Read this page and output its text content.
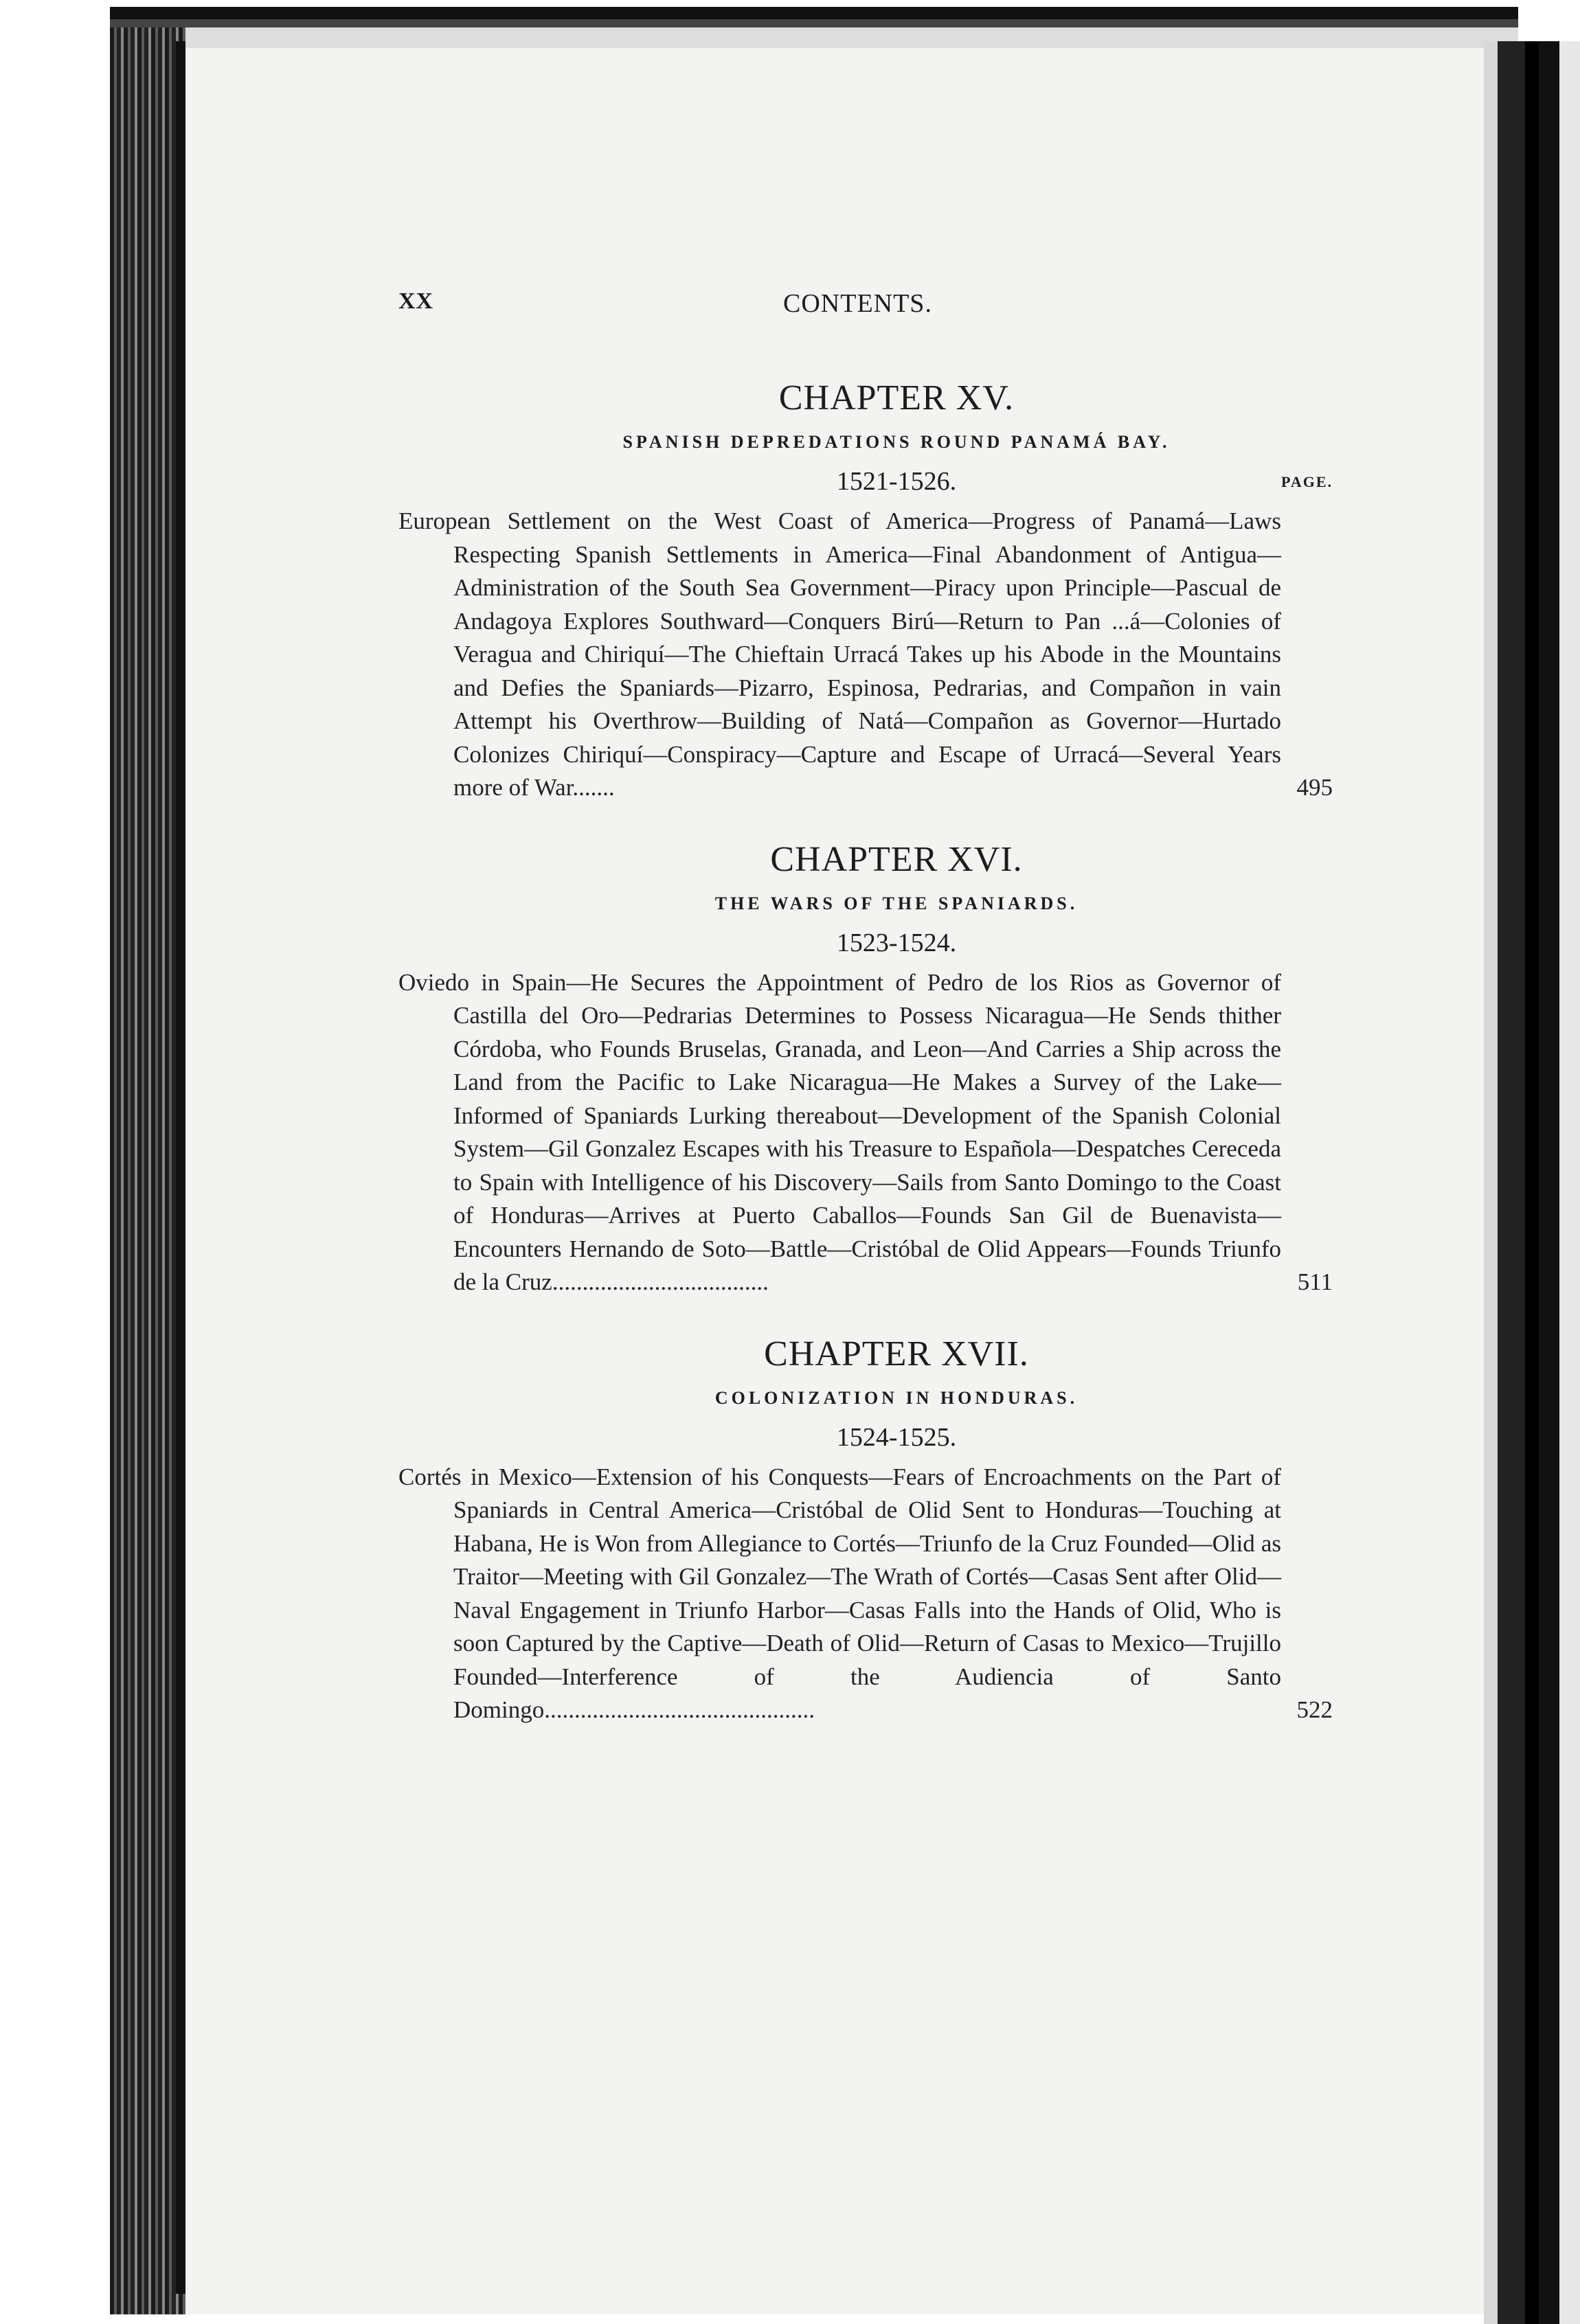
XX	CONTENTS.
CHAPTER XV.
SPANISH DEPREDATIONS ROUND PANAMÁ BAY.
1521-1526.	PAGE.
European Settlement on the West Coast of America—Progress of Panamá—Laws Respecting Spanish Settlements in America—Final Abandonment of Antigua—Administration of the South Sea Government—Piracy upon Principle—Pascual de Andagoya Explores Southward—Conquers Birú—Return to Pan ...á—Colonies of Veragua and Chiriquí—The Chieftain Urracá Takes up his Abode in the Mountains and Defies the Spaniards—Pizarro, Espinosa, Pedrarias, and Compañon in vain Attempt his Overthrow—Building of Natá—Compañon as Governor—Hurtado Colonizes Chiriquí—Conspiracy—Capture and Escape of Urracá—Several Years more of War.......	495
CHAPTER XVI.
THE WARS OF THE SPANIARDS.
1523-1524.
Oviedo in Spain—He Secures the Appointment of Pedro de los Rios as Governor of Castilla del Oro—Pedrarias Determines to Possess Nicaragua—He Sends thither Córdoba, who Founds Bruselas, Granada, and Leon—And Carries a Ship across the Land from the Pacific to Lake Nicaragua—He Makes a Survey of the Lake—Informed of Spaniards Lurking thereabout—Development of the Spanish Colonial System—Gil Gonzalez Escapes with his Treasure to Española—Despatches Cereceda to Spain with Intelligence of his Discovery—Sails from Santo Domingo to the Coast of Honduras—Arrives at Puerto Caballos—Founds San Gil de Buenavista—Encounters Hernando de Soto—Battle—Cristóbal de Olid Appears—Founds Triunfo de la Cruz....................................	511
CHAPTER XVII.
COLONIZATION IN HONDURAS.
1524-1525.
Cortés in Mexico—Extension of his Conquests—Fears of Encroachments on the Part of Spaniards in Central America—Cristóbal de Olid Sent to Honduras—Touching at Habana, He is Won from Allegiance to Cortés—Triunfo de la Cruz Founded—Olid as Traitor—Meeting with Gil Gonzalez—The Wrath of Cortés—Casas Sent after Olid—Naval Engagement in Triunfo Harbor—Casas Falls into the Hands of Olid, Who is soon Captured by the Captive—Death of Olid—Return of Casas to Mexico—Trujillo Founded—Interference of the Audiencia of Santo Domingo.............................................	522
